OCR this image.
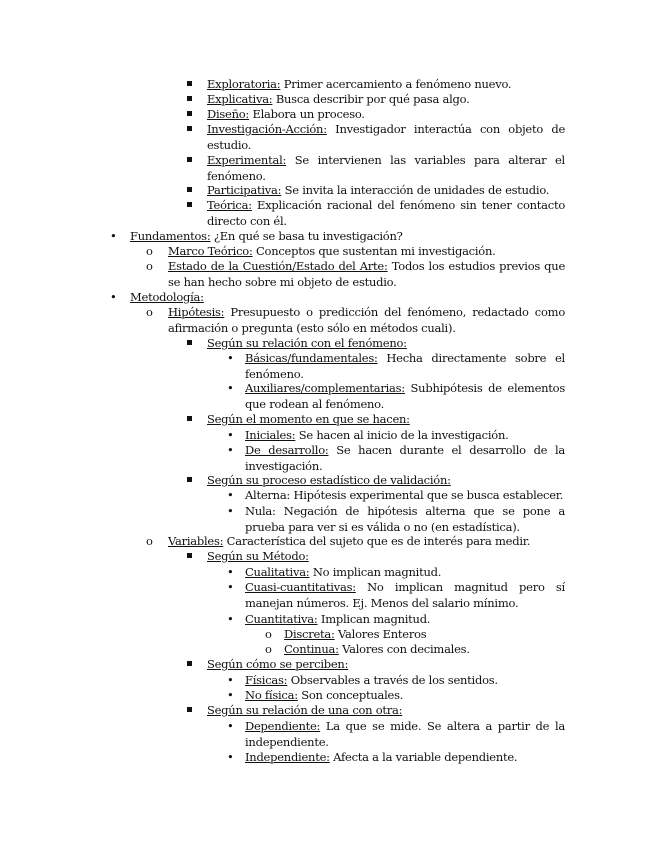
Exploratoria: Primer acercamiento a fenómeno nuevo.
Explicativa: Busca describir por qué pasa algo.
Diseño: Elabora un proceso.
Investigación-Acción: Investigador interactúa con objeto de estudio.
Experimental: Se intervienen las variables para alterar el fenómeno.
Participativa: Se invita la interacción de unidades de estudio.
Teórica: Explicación racional del fenómeno sin tener contacto directo con él.
•	Fundamentos: ¿En qué se basa tu investigación?
o	Marco Teórico: Conceptos que sustentan mi investigación.
o	Estado de la Cuestión/Estado del Arte: Todos los estudios previos que se han hecho sobre mi objeto de estudio.
•	Metodología:
o	Hipótesis: Presupuesto o predicción del fenómeno, redactado como afirmación o pregunta (esto sólo en métodos cuali).
Según su relación con el fenómeno:
• Básicas/fundamentales: Hecha directamente sobre el fenómeno.
• Auxiliares/complementarias: Subhipótesis de elementos que rodean al fenómeno.
Según el momento en que se hacen:
• Iniciales: Se hacen al inicio de la investigación.
• De desarrollo: Se hacen durante el desarrollo de la investigación.
Según su proceso estadístico de validación:
• Alterna: Hipótesis experimental que se busca establecer.
• Nula: Negación de hipótesis alterna que se pone a prueba para ver si es válida o no (en estadística).
o	Variables: Característica del sujeto que es de interés para medir.
Según su Método:
• Cualitativa: No implican magnitud.
• Cuasi-cuantitativas: No implican magnitud pero sí manejan números. Ej. Menos del salario mínimo.
• Cuantitativa: Implican magnitud.
o	Discreta: Valores Enteros
o	Continua: Valores con decimales.
Según cómo se perciben:
• Físicas: Observables a través de los sentidos.
• No física: Son conceptuales.
Según su relación de una con otra:
• Dependiente: La que se mide. Se altera a partir de la independiente.
• Independiente: Afecta a la variable dependiente.
